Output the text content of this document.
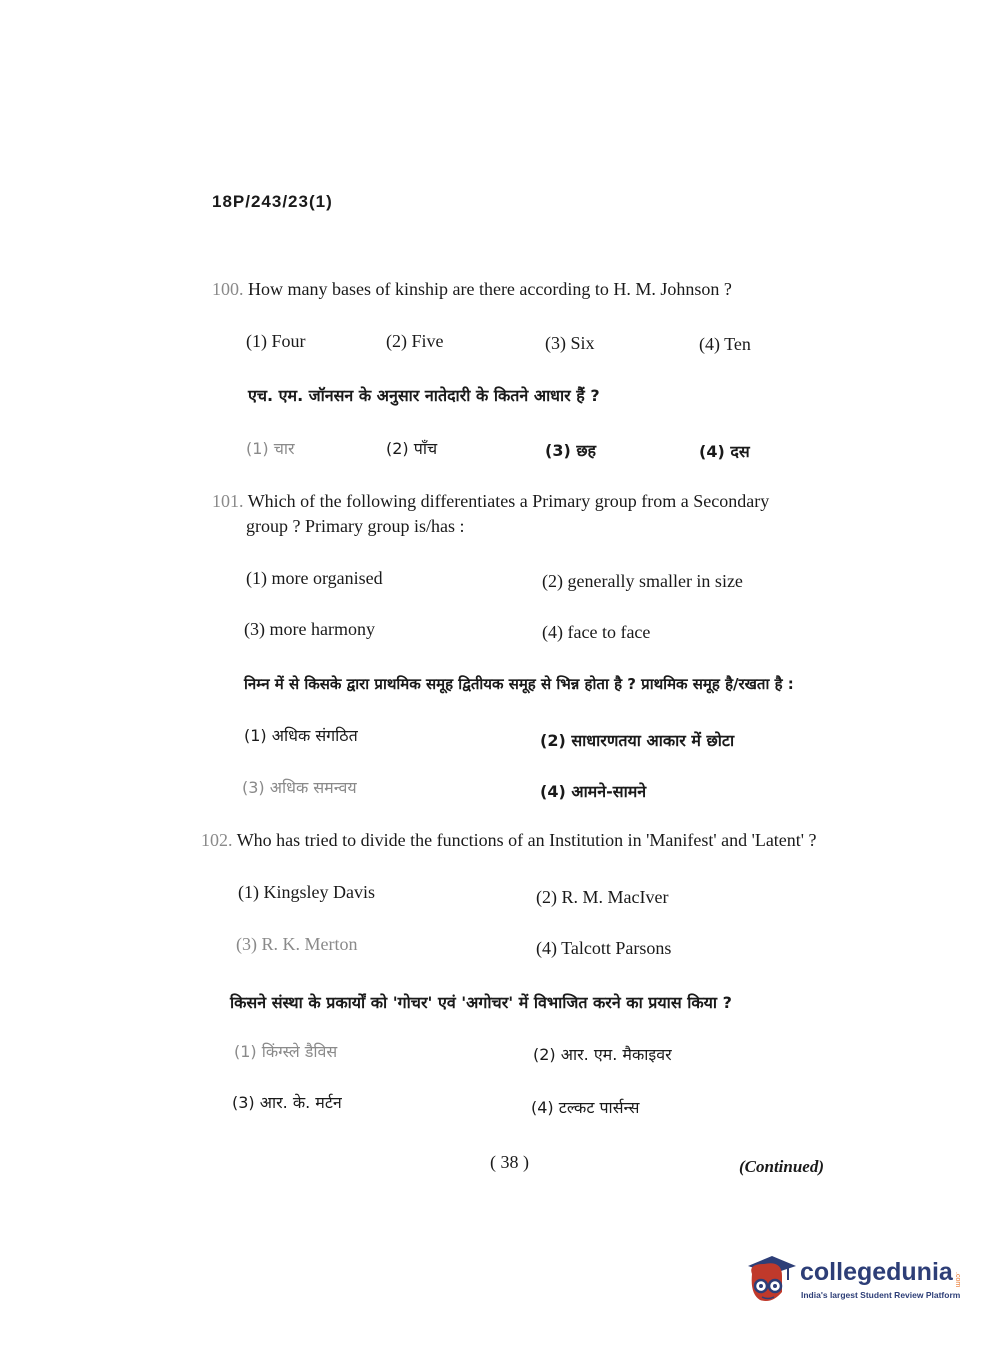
18P/243/23(1)
100. How many bases of kinship are there according to H. M. Johnson ?
(1) Four	(2) Five	(3) Six	(4) Ten
एच. एम. जॉनसन के अनुसार नातेदारी के कितने आधार हैं ?
(1) चार	(2) पाँच	(3) छह	(4) दस
101. Which of the following differentiates a Primary group from a Secondary
group ? Primary group is/has :
(1) more organised	(2) generally smaller in size
(3) more harmony	(4) face to face
निम्न में से किसके द्वारा प्राथमिक समूह द्वितीयक समूह से भिन्न होता है ? प्राथमिक समूह है/रखता है :
(1) अधिक संगठित	(2) साधारणतया आकार में छोटा
(3) अधिक समन्वय	(4) आमने-सामने
102. Who has tried to divide the functions of an Institution in 'Manifest' and 'Latent' ?
(1) Kingsley Davis	(2) R. M. MacIver
(3) R. K. Merton	(4) Talcott Parsons
किसने संस्था के प्रकार्यों को 'गोचर' एवं 'अगोचर' में विभाजित करने का प्रयास किया ?
(1) किंग्स्ले डैविस	(2) आर. एम. मैकाइवर
(3) आर. के. मर्टन	(4) टल्कट पार्सन्स
( 38 )	(Continued)
collegedunia .com
India's largest Student Review Platform
